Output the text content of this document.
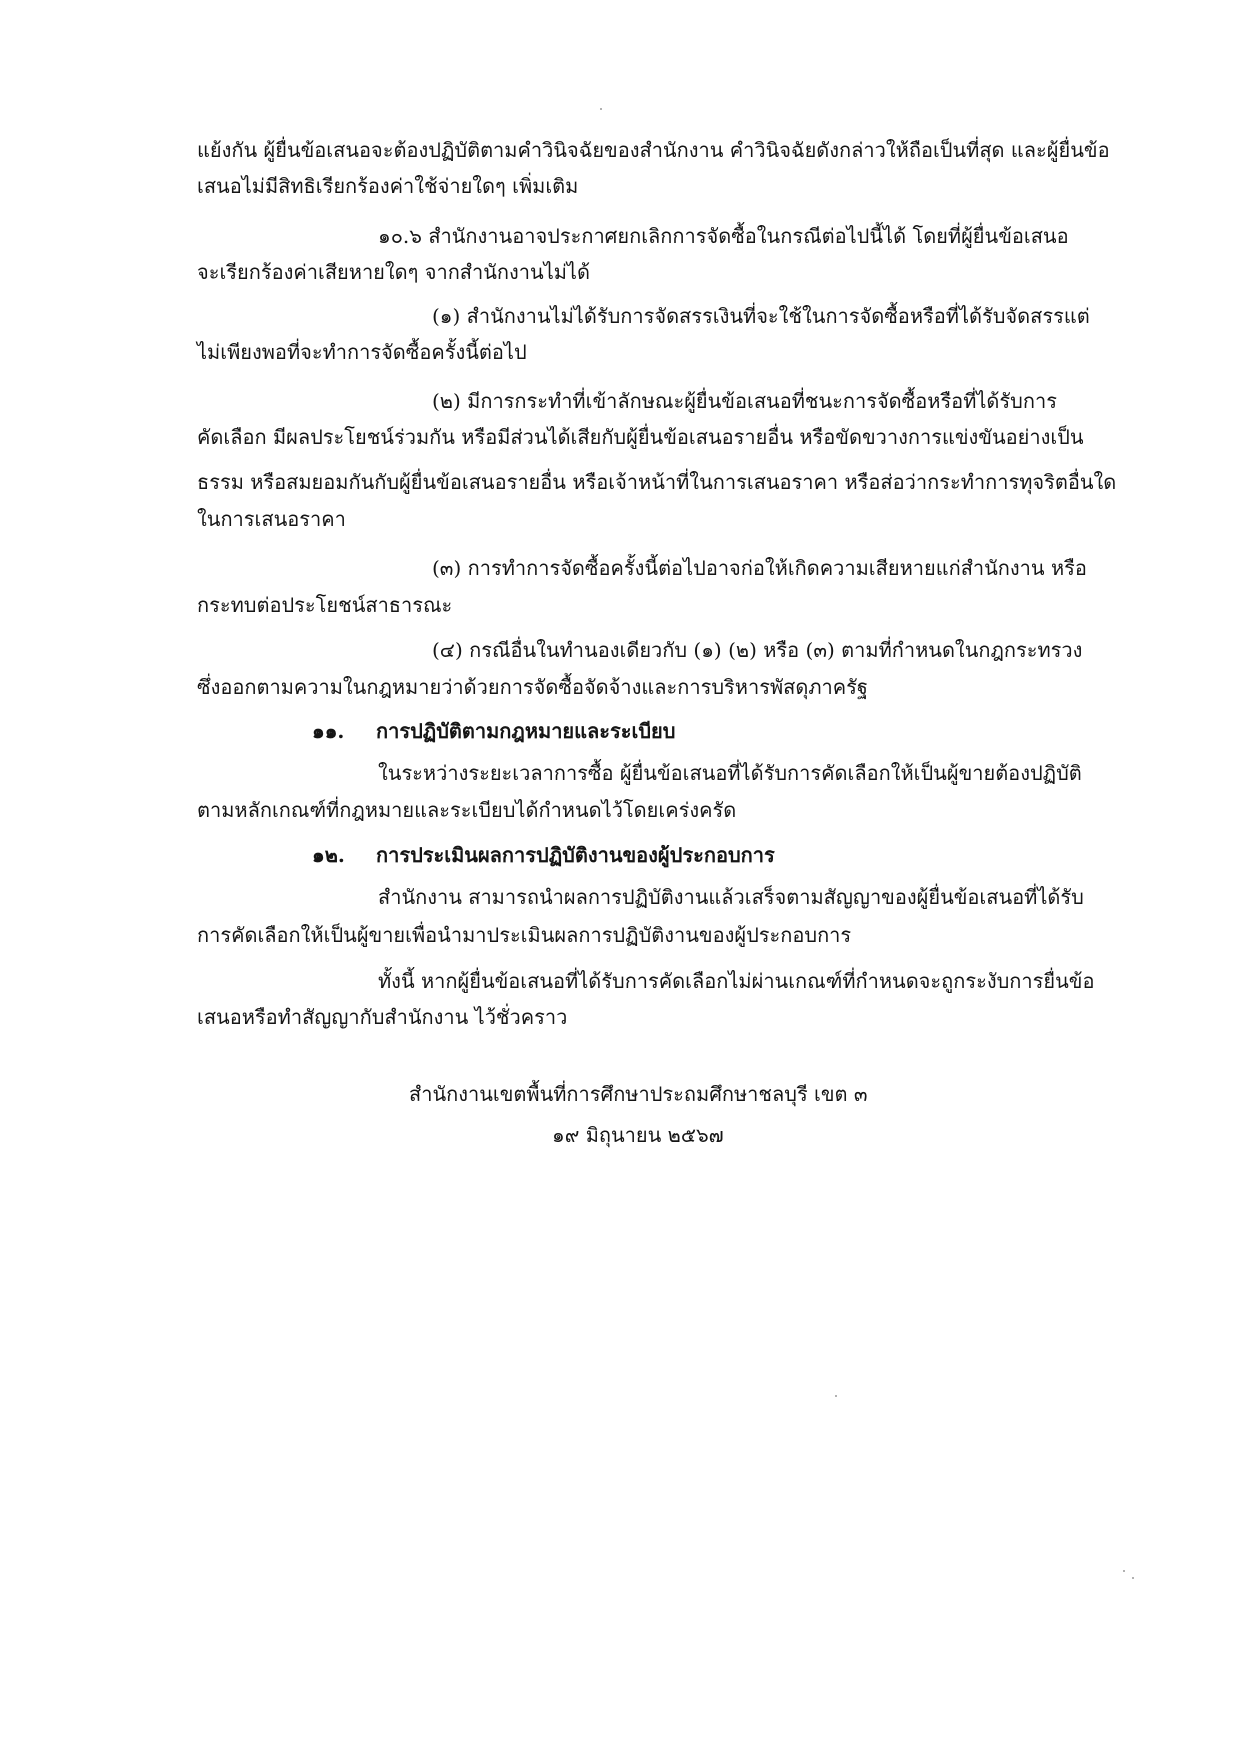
แย้งกัน ผู้ยื่นข้อเสนอจะต้องปฏิบัติตามคำวินิจฉัยของสำนักงาน คำวินิจฉัยดังกล่าวให้ถือเป็นที่สุด และผู้ยื่นข้อ
เสนอไม่มีสิทธิเรียกร้องค่าใช้จ่ายใดๆ เพิ่มเติม
๑๐.๖ สำนักงานอาจประกาศยกเลิกการจัดซื้อในกรณีต่อไปนี้ได้ โดยที่ผู้ยื่นข้อเสนอ
จะเรียกร้องค่าเสียหายใดๆ จากสำนักงานไม่ได้
(๑) สำนักงานไม่ได้รับการจัดสรรเงินที่จะใช้ในการจัดซื้อหรือที่ได้รับจัดสรรแต่
ไม่เพียงพอที่จะทำการจัดซื้อครั้งนี้ต่อไป
(๒) มีการกระทำที่เข้าลักษณะผู้ยื่นข้อเสนอที่ชนะการจัดซื้อหรือที่ได้รับการ
คัดเลือก มีผลประโยชน์ร่วมกัน หรือมีส่วนได้เสียกับผู้ยื่นข้อเสนอรายอื่น หรือขัดขวางการแข่งขันอย่างเป็น
ธรรม หรือสมยอมกันกับผู้ยื่นข้อเสนอรายอื่น หรือเจ้าหน้าที่ในการเสนอราคา หรือส่อว่ากระทำการทุจริตอื่นใด
ในการเสนอราคา
(๓) การทำการจัดซื้อครั้งนี้ต่อไปอาจก่อให้เกิดความเสียหายแก่สำนักงาน หรือ
กระทบต่อประโยชน์สาธารณะ
(๔) กรณีอื่นในทำนองเดียวกับ (๑) (๒) หรือ (๓) ตามที่กำหนดในกฎกระทรวง
ซึ่งออกตามความในกฎหมายว่าด้วยการจัดซื้อจัดจ้างและการบริหารพัสดุภาครัฐ
๑๑. การปฏิบัติตามกฎหมายและระเบียบ
ในระหว่างระยะเวลาการซื้อ ผู้ยื่นข้อเสนอที่ได้รับการคัดเลือกให้เป็นผู้ขายต้องปฏิบัติ
ตามหลักเกณฑ์ที่กฎหมายและระเบียบได้กำหนดไว้โดยเคร่งครัด
๑๒. การประเมินผลการปฏิบัติงานของผู้ประกอบการ
สำนักงาน สามารถนำผลการปฏิบัติงานแล้วเสร็จตามสัญญาของผู้ยื่นข้อเสนอที่ได้รับ
การคัดเลือกให้เป็นผู้ขายเพื่อนำมาประเมินผลการปฏิบัติงานของผู้ประกอบการ
ทั้งนี้ หากผู้ยื่นข้อเสนอที่ได้รับการคัดเลือกไม่ผ่านเกณฑ์ที่กำหนดจะถูกระงับการยื่นข้อ
เสนอหรือทำสัญญากับสำนักงาน ไว้ชั่วคราว
สำนักงานเขตพื้นที่การศึกษาประถมศึกษาชลบุรี เขต ๓
๑๙ มิถุนายน ๒๕๖๗
